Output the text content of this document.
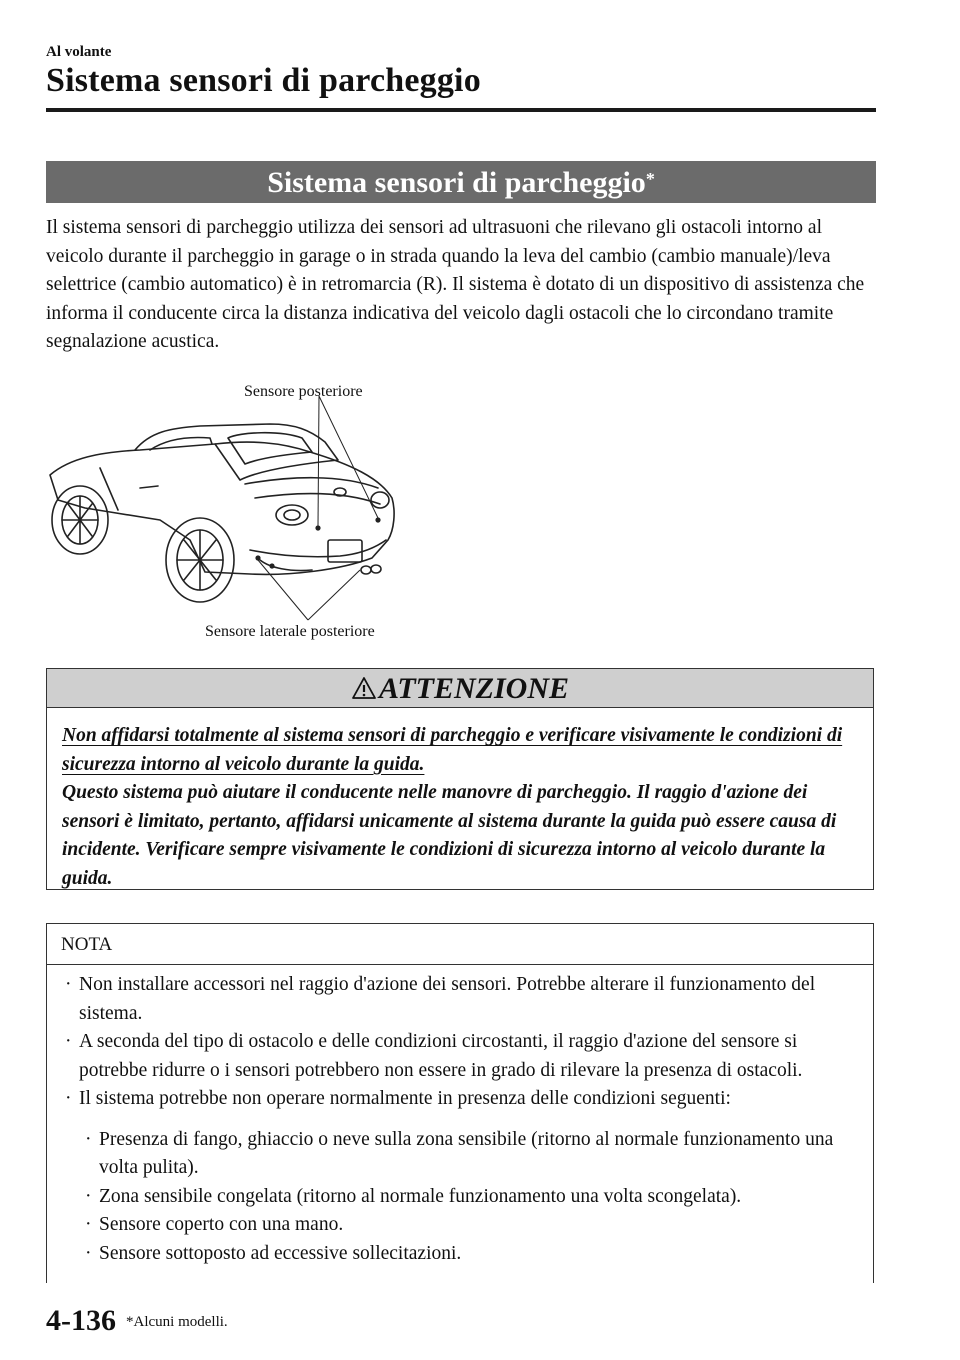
Al volante
Sistema sensori di parcheggio
Sistema sensori di parcheggio*

Il sistema sensori di parcheggio utilizza dei sensori ad ultrasuoni che rilevano gli ostacoli intorno al veicolo durante il parcheggio in garage o in strada quando la leva del cambio (cambio manuale)/leva selettrice (cambio automatico) è in retromarcia (R). Il sistema è dotato di un dispositivo di assistenza che informa il conducente circa la distanza indicativa del veicolo dagli ostacoli che lo circondano tramite segnalazione acustica.

Sensore posteriore
Sensore laterale posteriore
ATTENZIONE

Non affidarsi totalmente al sistema sensori di parcheggio e verificare visivamente le condizioni di sicurezza intorno al veicolo durante la guida.
Questo sistema può aiutare il conducente nelle manovre di parcheggio. Il raggio d'azione dei sensori è limitato, pertanto, affidarsi unicamente al sistema durante la guida può essere causa di incidente. Verificare sempre visivamente le condizioni di sicurezza intorno al veicolo durante la guida.

NOTA
· Non installare accessori nel raggio d'azione dei sensori. Potrebbe alterare il funzionamento del sistema.
· A seconda del tipo di ostacolo e delle condizioni circostanti, il raggio d'azione del sensore si potrebbe ridurre o i sensori potrebbero non essere in grado di rilevare la presenza di ostacoli.
· Il sistema potrebbe non operare normalmente in presenza delle condizioni seguenti:
· Presenza di fango, ghiaccio o neve sulla zona sensibile (ritorno al normale funzionamento una volta pulita).
· Zona sensibile congelata (ritorno al normale funzionamento una volta scongelata).
· Sensore coperto con una mano.
· Sensore sottoposto ad eccessive sollecitazioni.
4-136 *Alcuni modelli.
